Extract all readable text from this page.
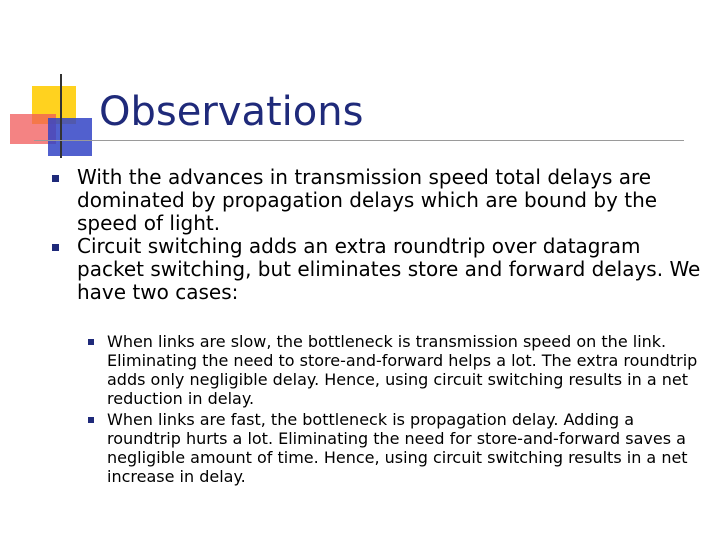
Observations
With the advances in transmission speed total delays are dominated by propagation delays which are bound by the speed of light.
Circuit switching adds an extra roundtrip over datagram packet switching, but eliminates store and forward delays. We have two cases:
When links are slow, the bottleneck is transmission speed on the link. Eliminating the need to store-and-forward helps a lot. The extra roundtrip adds only negligible delay. Hence, using circuit switching results in a net reduction in delay.
When links are fast, the bottleneck is propagation delay. Adding a roundtrip hurts a lot. Eliminating the need for store-and-forward saves a negligible amount of time. Hence, using circuit switching results in a net increase in delay.
